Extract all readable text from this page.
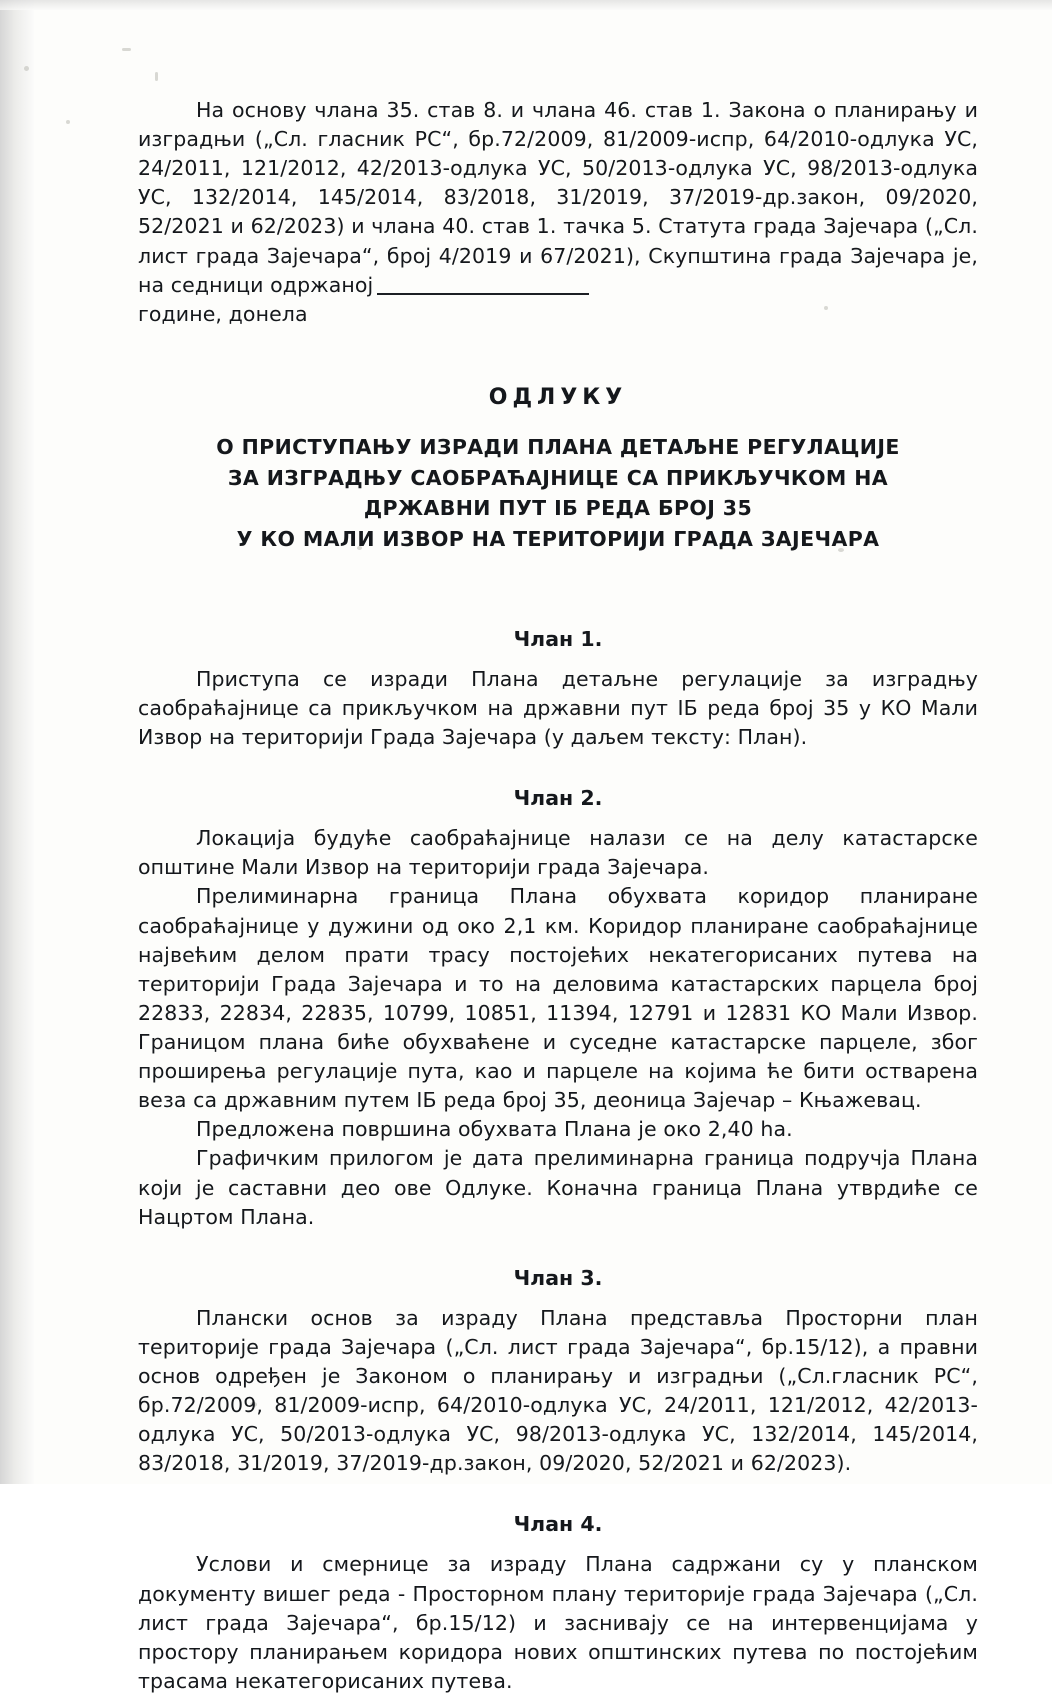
На основу члана 35. став 8. и члана 46. став 1. Закона о планирању и изградњи („Сл. гласник РС“, бр.72/2009, 81/2009-испр, 64/2010-одлука УС, 24/2011, 121/2012, 42/2013-одлука УС, 50/2013-одлука УС, 98/2013-одлука УС, 132/2014, 145/2014, 83/2018, 31/2019, 37/2019-др.закон, 09/2020, 52/2021 и 62/2023) и члана 40. став 1. тачка 5. Статута града Зајечара („Сл. лист града Зајечара“, број 4/2019 и 67/2021), Скупштина града Зајечара је, на седници одржаној

године, донела

ОДЛУКУ
О ПРИСТУПАЊУ ИЗРАДИ ПЛАНА ДЕТАЉНЕ РЕГУЛАЦИЈЕ
ЗА ИЗГРАДЊУ САОБРАЋАЈНИЦЕ СА ПРИКЉУЧКОМ НА
ДРЖАВНИ ПУТ IБ РЕДА БРОЈ 35
У КО МАЛИ ИЗВОР НА ТЕРИТОРИЈИ ГРАДА ЗАЈЕЧАРА
Члан 1.

Приступа се изради Плана детаљне регулације за изградњу саобраћајнице са прикључком на државни пут IБ реда број 35 у КО Мали Извор на територији Града Зајечара (у даљем тексту: План).

Члан 2.

Локација будуће саобраћајнице налази се на делу катастарске општине Мали Извор на територији града Зајечара.

Прелиминарна граница Плана обухвата коридор планиране саобраћајнице у дужини од око 2,1 км. Коридор планиране саобраћајнице највећим делом прати трасу постојећих некатегорисаних путева на територији Града Зајечара и то на деловима катастарских парцела број 22833, 22834, 22835, 10799, 10851, 11394, 12791 и 12831 КО Мали Извор. Границом плана биће обухваћене и суседне катастарске парцеле, због проширења регулације пута, као и парцеле на којима ће бити остварена веза са државним путем IБ реда број 35, деоница Зајечар – Књажевац.

Предложена површина обухвата Плана је око 2,40 ha.

Графичким прилогом је дата прелиминарна граница подручја Плана који је саставни део ове Одлуке. Коначна граница Плана утврдиће се Нацртом Плана.

Члан 3.

Плански основ за израду Плана представља Просторни план територије града Зајечара („Сл. лист града Зајечара“, бр.15/12), а правни основ одређен је Законом о планирању и изградњи („Сл.гласник РС“, бр.72/2009, 81/2009-испр, 64/2010-одлука УС, 24/2011, 121/2012, 42/2013-одлука УС, 50/2013-одлука УС, 98/2013-одлука УС, 132/2014, 145/2014, 83/2018, 31/2019, 37/2019-др.закон, 09/2020, 52/2021 и 62/2023).

Члан 4.

Услови и смернице за израду Плана садржани су у планском документу вишег реда - Просторном плану територије града Зајечара („Сл. лист града Зајечара“, бр.15/12) и заснивају се на интервенцијама у простору планирањем коридора нових општинских путева по постојећим трасама некатегорисаних путева.
